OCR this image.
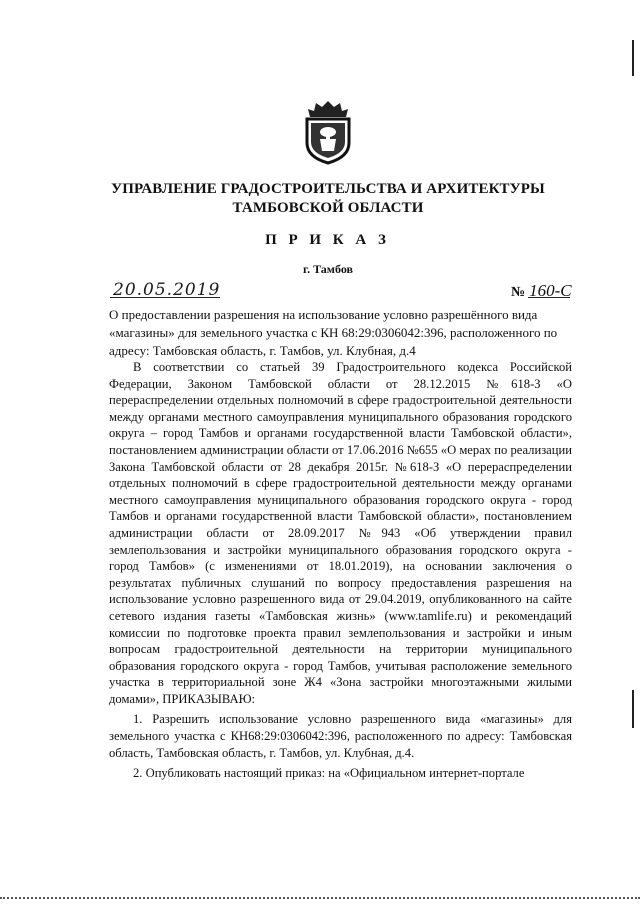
УПРАВЛЕНИЕ ГРАДОСТРОИТЕЛЬСТВА И АРХИТЕКТУРЫ
ТАМБОВСКОЙ ОБЛАСТИ
П Р И К А З
г. Тамбов
20.05.2019	№ 160-С
О предоставлении разрешения на использование условно разрешённого вида «магазины» для земельного участка с КН 68:29:0306042:396, расположенного по адресу: Тамбовская область, г. Тамбов, ул. Клубная, д.4

В соответствии со статьей 39 Градостроительного кодекса Российской Федерации, Законом Тамбовской области от 28.12.2015 №618-З «О перераспределении отдельных полномочий в сфере градостроительной деятельности между органами местного самоуправления муниципального образования городского округа – город Тамбов и органами государственной власти Тамбовской области», постановлением администрации области от 17.06.2016 №655 «О мерах по реализации Закона Тамбовской области от 28 декабря 2015г. №618-З «О перераспределении отдельных полномочий в сфере градостроительной деятельности между органами местного самоуправления муниципального образования городского округа - город Тамбов и органами государственной власти Тамбовской области», постановлением администрации области от 28.09.2017 №943 «Об утверждении правил землепользования и застройки муниципального образования городского округа - город Тамбов» (с изменениями от 18.01.2019), на основании заключения о результатах публичных слушаний по вопросу предоставления разрешения на использование условно разрешенного вида от 29.04.2019, опубликованного на сайте сетевого издания газеты «Тамбовская жизнь» (www.tamlife.ru) и рекомендаций комиссии по подготовке проекта правил землепользования и застройки и иным вопросам градостроительной деятельности на территории муниципального образования городского округа - город Тамбов, учитывая расположение земельного участка в территориальной зоне Ж4 «Зона застройки многоэтажными жилыми домами», ПРИКАЗЫВАЮ:

1. Разрешить использование условно разрешенного вида «магазины» для земельного участка с КН68:29:0306042:396, расположенного по адресу: Тамбовская область, Тамбовская область, г. Тамбов, ул. Клубная, д.4.

2. Опубликовать настоящий приказ: на «Официальном интернет-портале
